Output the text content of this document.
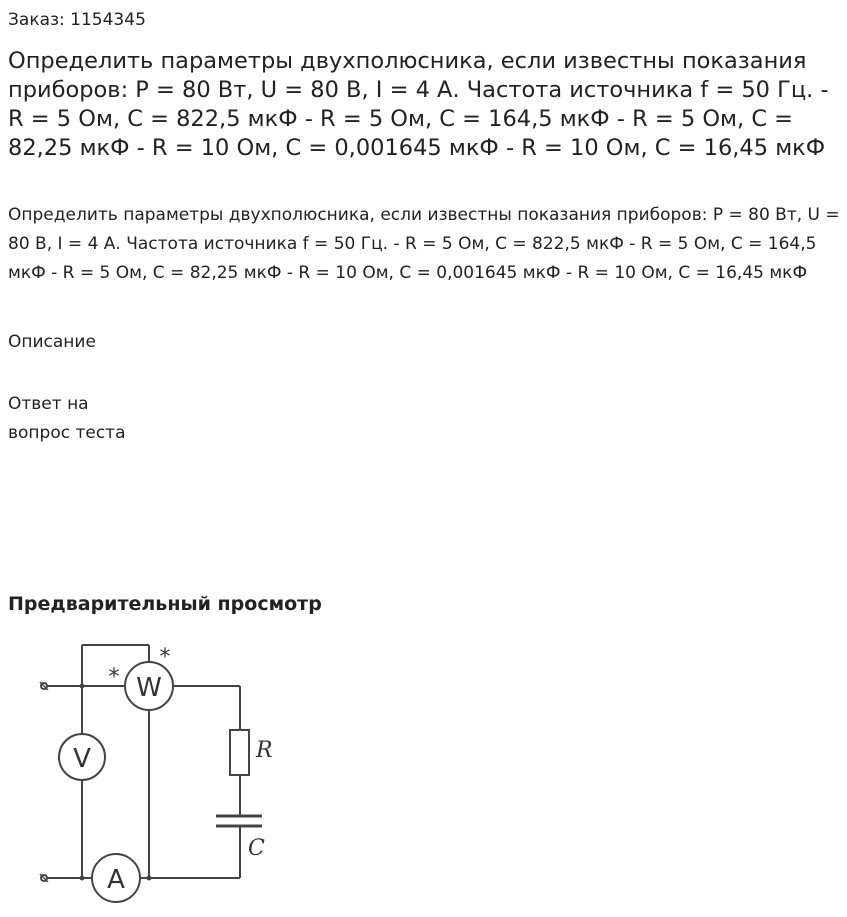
Заказ: 1154345
Определить параметры двухполюсника, если известны показания приборов: Р = 80 Вт, U = 80 В, I = 4 А. Частота источника f = 50 Гц. - R = 5 Ом, С = 822,5 мкФ - R = 5 Ом, С = 164,5 мкФ - R = 5 Ом, С = 82,25 мкФ - R = 10 Ом, С = 0,001645 мкФ - R = 10 Ом, С = 16,45 мкФ

Определить параметры двухполюсника, если известны показания приборов: Р = 80 Вт, U = 80 В, I = 4 А. Частота источника f = 50 Гц. - R = 5 Ом, С = 822,5 мкФ - R = 5 Ом, С = 164,5 мкФ - R = 5 Ом, С = 82,25 мкФ - R = 10 Ом, С = 0,001645 мкФ - R = 10 Ом, С = 16,45 мкФ

Описание
Ответ на вопрос теста
Предварительный просмотр
W
V
A
*
*
R
C
